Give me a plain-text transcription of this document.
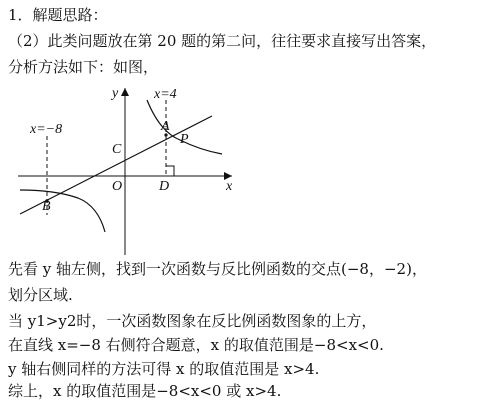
1．解题思路：
（2）此类问题放在第 20 题的第二问，往往要求直接写出答案，
分析方法如下：如图，
y
x
O
x=−8
x=4
A
P
C
D
B
先看 y 轴左侧，找到一次函数与反比例函数的交点(−8，−2)，
划分区域.
当 y1>y2时，一次函数图象在反比例函数图象的上方，
在直线 x=−8 右侧符合题意，x 的取值范围是−8<x<0.
y 轴右侧同样的方法可得 x 的取值范围是 x>4.
综上，x 的取值范围是−8<x<0 或 x>4.
